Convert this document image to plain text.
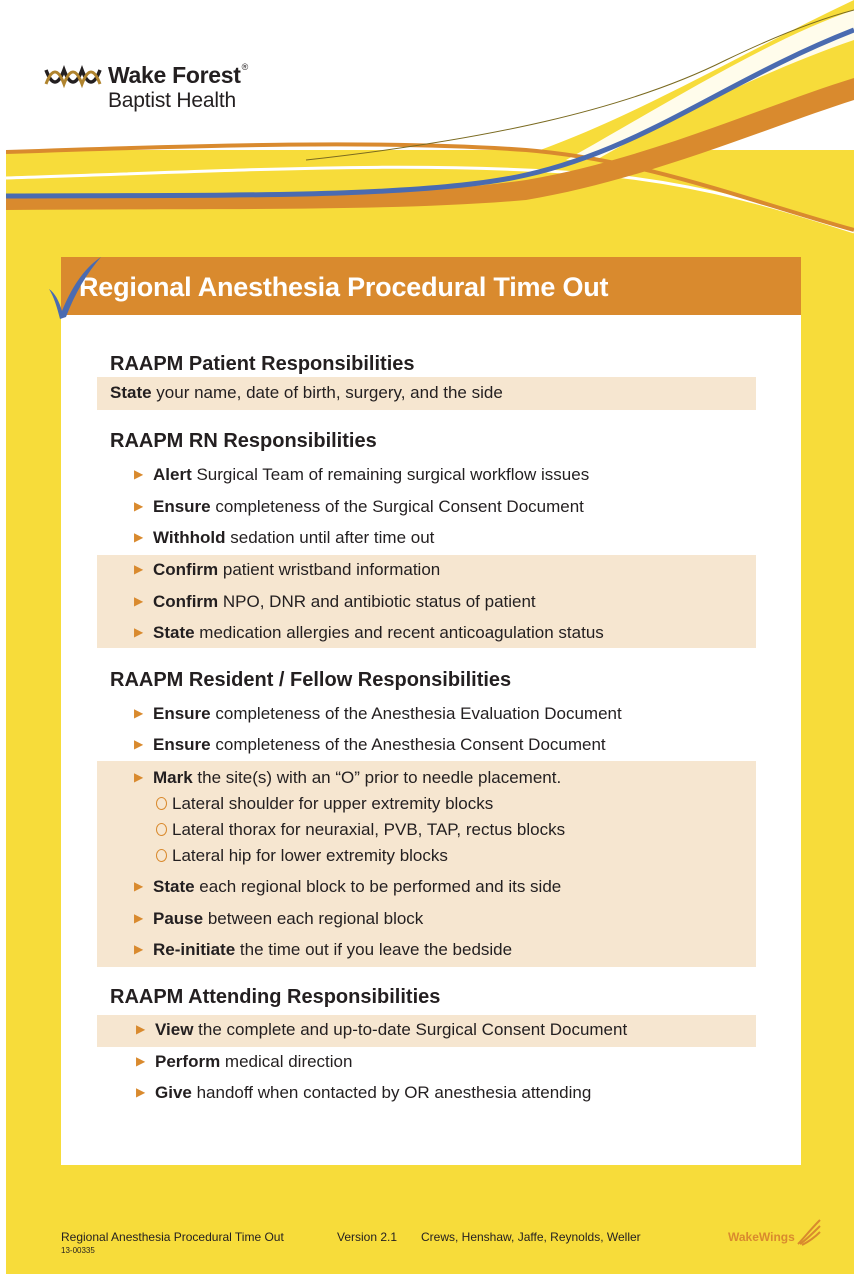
Wake Forest®
Baptist Health
Regional Anesthesia Procedural Time Out
RAAPM Patient Responsibilities
State your name, date of birth, surgery, and the side
RAAPM RN Responsibilities
▶ Alert Surgical Team of remaining surgical workflow issues
▶ Ensure completeness of the Surgical Consent Document
▶ Withhold sedation until after time out
▶ Confirm patient wristband information
▶ Confirm NPO, DNR and antibiotic status of patient
▶ State medication allergies and recent anticoagulation status
RAAPM Resident / Fellow Responsibilities
▶ Ensure completeness of the Anesthesia Evaluation Document
▶ Ensure completeness of the Anesthesia Consent Document
▶ Mark the site(s) with an “O” prior to needle placement.
Lateral shoulder for upper extremity blocks
Lateral thorax for neuraxial, PVB, TAP, rectus blocks
Lateral hip for lower extremity blocks
▶ State each regional block to be performed and its side
▶ Pause between each regional block
▶ Re-initiate the time out if you leave the bedside
RAAPM Attending Responsibilities
▶ View the complete and up-to-date Surgical Consent Document
▶ Perform medical direction
▶ Give handoff when contacted by OR anesthesia attending
Regional Anesthesia Procedural Time Out
13-00335
Version 2.1 Crews, Henshaw, Jaffe, Reynolds, Weller	WakeWings
